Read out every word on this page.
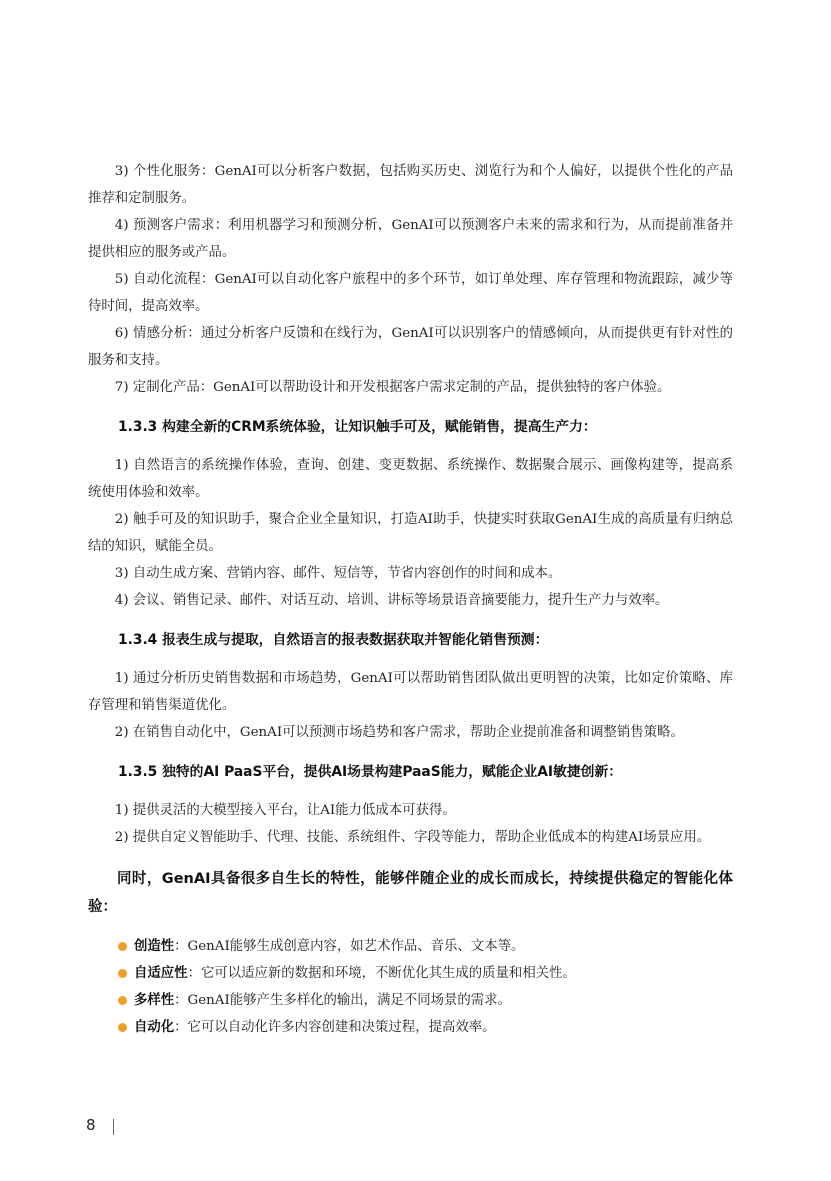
3) 个性化服务：GenAI可以分析客户数据，包括购买历史、浏览行为和个人偏好，以提供个性化的产品推荐和定制服务。

4) 预测客户需求：利用机器学习和预测分析，GenAI可以预测客户未来的需求和行为，从而提前准备并提供相应的服务或产品。

5) 自动化流程：GenAI可以自动化客户旅程中的多个环节，如订单处理、库存管理和物流跟踪，减少等待时间，提高效率。

6) 情感分析：通过分析客户反馈和在线行为，GenAI可以识别客户的情感倾向，从而提供更有针对性的服务和支持。

7) 定制化产品：GenAI可以帮助设计和开发根据客户需求定制的产品，提供独特的客户体验。

1.3.3 构建全新的CRM系统体验，让知识触手可及，赋能销售，提高生产力：

1) 自然语言的系统操作体验，查询、创建、变更数据、系统操作、数据聚合展示、画像构建等，提高系统使用体验和效率。

2) 触手可及的知识助手，聚合企业全量知识，打造AI助手，快捷实时获取GenAI生成的高质量有归纳总结的知识，赋能全员。

3) 自动生成方案、营销内容、邮件、短信等，节省内容创作的时间和成本。

4) 会议、销售记录、邮件、对话互动、培训、讲标等场景语音摘要能力，提升生产力与效率。

1.3.4 报表生成与提取，自然语言的报表数据获取并智能化销售预测：

1) 通过分析历史销售数据和市场趋势，GenAI可以帮助销售团队做出更明智的决策，比如定价策略、库存管理和销售渠道优化。

2) 在销售自动化中，GenAI可以预测市场趋势和客户需求，帮助企业提前准备和调整销售策略。

1.3.5 独特的AI PaaS平台，提供AI场景构建PaaS能力，赋能企业AI敏捷创新：

1) 提供灵活的大模型接入平台，让AI能力低成本可获得。

2) 提供自定义智能助手、代理、技能、系统组件、字段等能力，帮助企业低成本的构建AI场景应用。

同时，GenAI具备很多自生长的特性，能够伴随企业的成长而成长，持续提供稳定的智能化体验：
创造性：GenAI能够生成创意内容，如艺术作品、音乐、文本等。
自适应性：它可以适应新的数据和环境，不断优化其生成的质量和相关性。
多样性：GenAI能够产生多样化的输出，满足不同场景的需求。
自动化：它可以自动化许多内容创建和决策过程，提高效率。
8
